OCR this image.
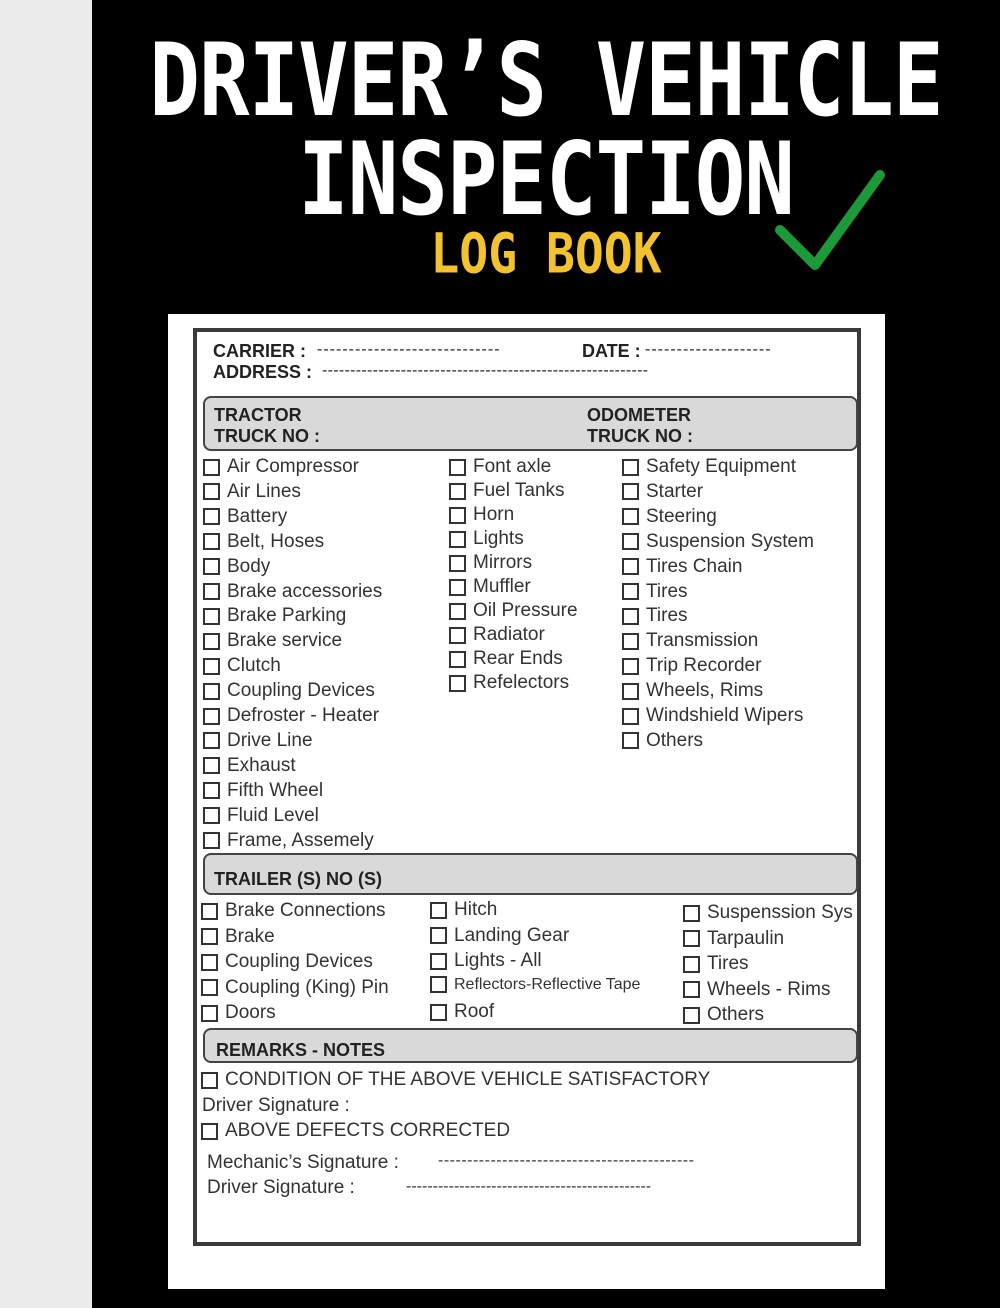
DRIVER’S VEHICLE
INSPECTION
LOG BOOK
CARRIER : -----------------------------	DATE : --------------------
ADDRESS : ----------------------------------------------------------
TRACTOR
TRUCK NO :
ODOMETER
TRUCK NO :
Air Compressor
Air Lines
Battery
Belt, Hoses
Body
Brake accessories
Brake Parking
Brake service
Clutch
Coupling Devices
Defroster - Heater
Drive Line
Exhaust
Fifth Wheel
Fluid Level
Frame, Assemely
Font axle
Fuel Tanks
Horn
Lights
Mirrors
Muffler
Oil Pressure
Radiator
Rear Ends
Refelectors
Safety Equipment
Starter
Steering
Suspension System
Tires Chain
Tires
Tires
Transmission
Trip Recorder
Wheels, Rims
Windshield Wipers
Others
TRAILER (S) NO (S)
Brake Connections
Brake
Coupling Devices
Coupling (King) Pin
Doors
Hitch
Landing Gear
Lights - All
Reflectors-Reflective Tape
Roof
Suspenssion Sys
Tarpaulin
Tires
Wheels - Rims
Others
REMARKS - NOTES
CONDITION OF THE ABOVE VEHICLE SATISFACTORY
Driver Signature :
ABOVE DEFECTS CORRECTED
Mechanic’s Signature : --------------------------------------------
Driver Signature :	----------------------------------------------
